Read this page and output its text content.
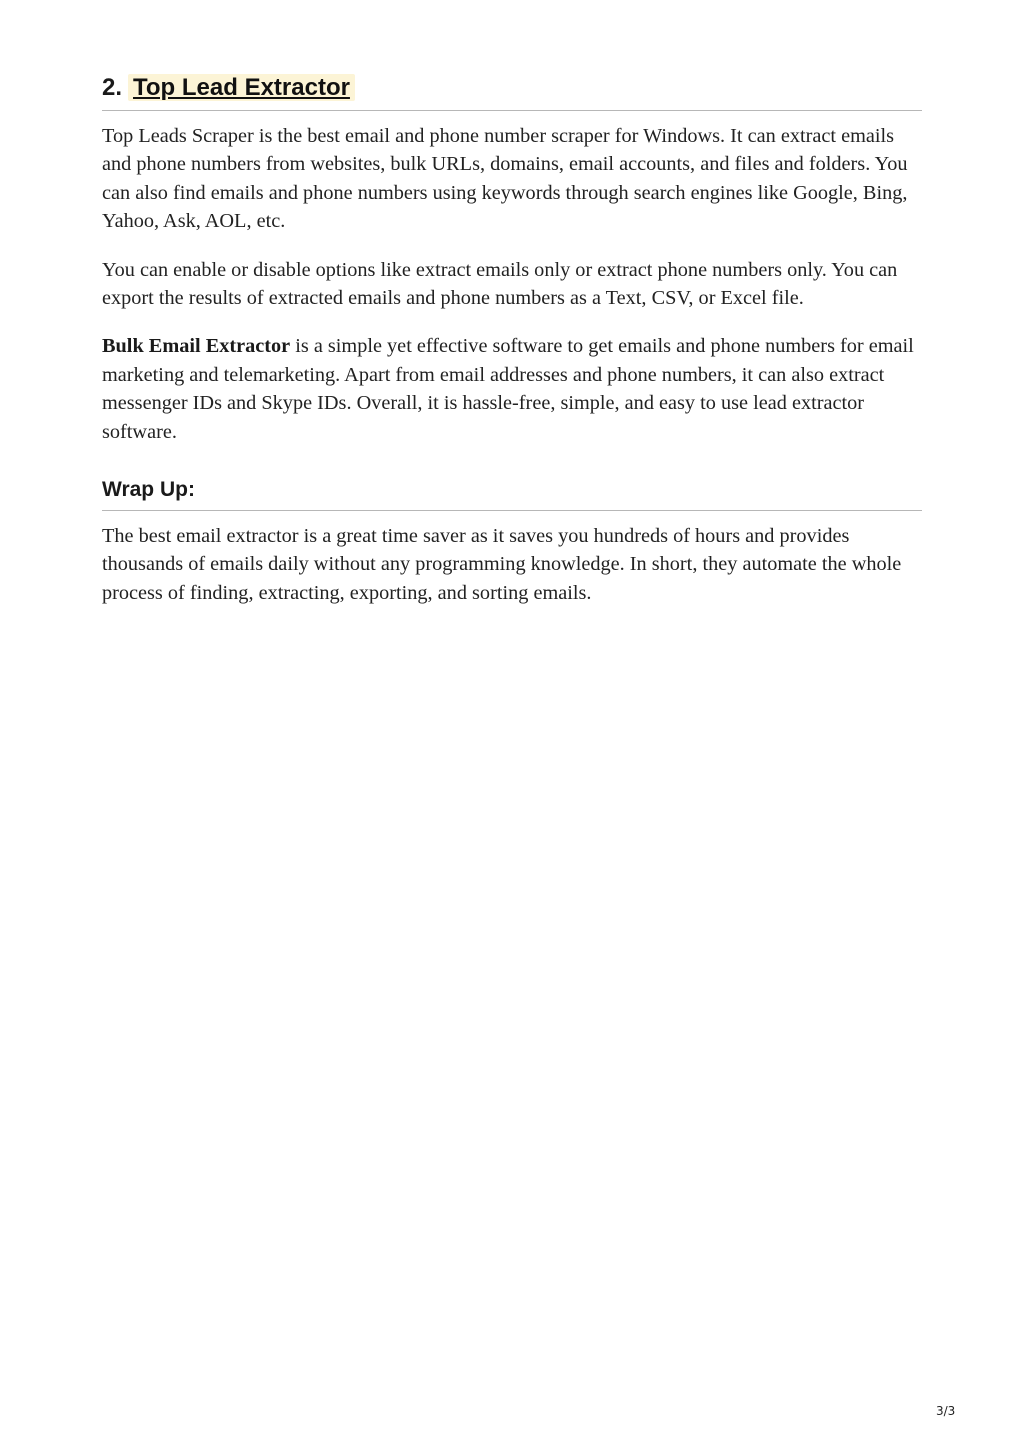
2. Top Lead Extractor

Top Leads Scraper is the best email and phone number scraper for Windows. It can extract emails and phone numbers from websites, bulk URLs, domains, email accounts, and files and folders. You can also find emails and phone numbers using keywords through search engines like Google, Bing, Yahoo, Ask, AOL, etc.

You can enable or disable options like extract emails only or extract phone numbers only. You can export the results of extracted emails and phone numbers as a Text, CSV, or Excel file.

Bulk Email Extractor is a simple yet effective software to get emails and phone numbers for email marketing and telemarketing. Apart from email addresses and phone numbers, it can also extract messenger IDs and Skype IDs. Overall, it is hassle-free, simple, and easy to use lead extractor software.

Wrap Up:

The best email extractor is a great time saver as it saves you hundreds of hours and provides thousands of emails daily without any programming knowledge. In short, they automate the whole process of finding, extracting, exporting, and sorting emails.

3/3
